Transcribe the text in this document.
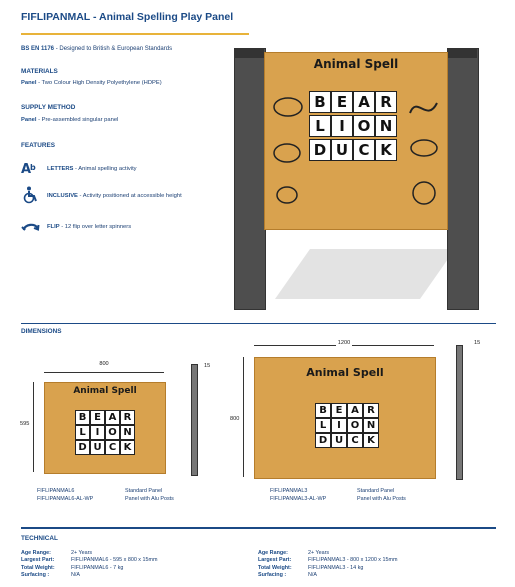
FIFLIPANMAL - Animal Spelling Play Panel
BS EN 1176 - Designed to British & European Standards
MATERIALS
Panel - Two Colour High Density Polyethylene (HDPE)
SUPPLY METHOD
Panel - Pre-assembled singular panel
FEATURES
A
b LETTERS - Animal spelling activity
INCLUSIVE - Activity positioned at accessible height
FLIP - 12 flip over letter spinners
Animal Spell
B E A R
L I O N
D U C K
DIMENSIONS
800
595
Animal Spell
B E A R
L I O N
D U C K
15
FIFLIPANMAL6
FIFLIPANMAL6-AL-WP
Standard Panel
Panel with Alu Posts
1200
800
Animal Spell
B E A R
L I O N
D U C K
15
FIFLIPANMAL3
FIFLIPANMAL3-AL-WP
Standard Panel
Panel with Alu Posts
TECHNICAL
Age Range:
Largest Part:
Total Weight:
Surfacing :
2+ Years
FIFLIPANMAL6 - 595 x 800 x 15mm
FIFLIPANMAL6 - 7 kg
N/A
Age Range:
Largest Part:
Total Weight:
Surfacing :
2+ Years
FIFLIPANMAL3 - 800 x 1200 x 15mm
FIFLIPANMAL3 - 14 kg
N/A
